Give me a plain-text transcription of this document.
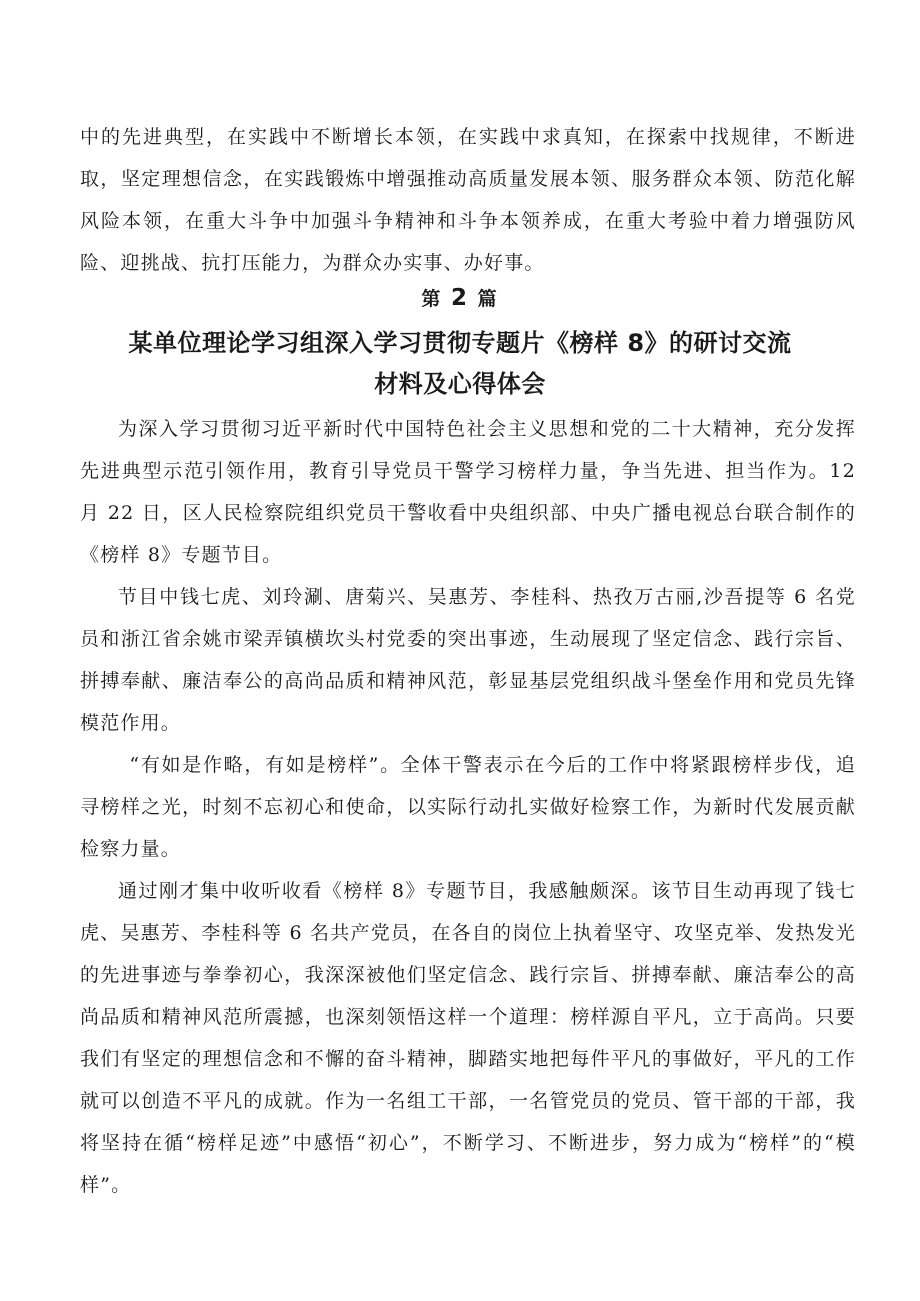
中的先进典型，在实践中不断增长本领，在实践中求真知，在探索中找规律，不断进取，坚定理想信念，在实践锻炼中增强推动高质量发展本领、服务群众本领、防范化解风险本领，在重大斗争中加强斗争精神和斗争本领养成，在重大考验中着力增强防风险、迎挑战、抗打压能力，为群众办实事、办好事。

第 2 篇
某单位理论学习组深入学习贯彻专题片《榜样 8》的研讨交流材料及心得体会

为深入学习贯彻习近平新时代中国特色社会主义思想和党的二十大精神，充分发挥先进典型示范引领作用，教育引导党员干警学习榜样力量，争当先进、担当作为。12 月 22 日，区人民检察院组织党员干警收看中央组织部、中央广播电视总台联合制作的《榜样 8》专题节目。

节目中钱七虎、刘玲涮、唐菊兴、吴惠芳、李桂科、热孜万古丽,沙吾提等 6 名党员和浙江省余姚市梁弄镇横坎头村党委的突出事迹，生动展现了坚定信念、践行宗旨、拼搏奉献、廉洁奉公的高尚品质和精神风范，彰显基层党组织战斗堡垒作用和党员先锋模范作用。

“有如是作略，有如是榜样”。全体干警表示在今后的工作中将紧跟榜样步伐，追寻榜样之光，时刻不忘初心和使命，以实际行动扎实做好检察工作，为新时代发展贡献检察力量。

通过刚才集中收听收看《榜样 8》专题节目，我感触颇深。该节目生动再现了钱七虎、吴惠芳、李桂科等 6 名共产党员，在各自的岗位上执着坚守、攻坚克举、发热发光的先进事迹与拳拳初心，我深深被他们坚定信念、践行宗旨、拼搏奉献、廉洁奉公的高尚品质和精神风范所震撼，也深刻领悟这样一个道理：榜样源自平凡，立于高尚。只要我们有坚定的理想信念和不懈的奋斗精神，脚踏实地把每件平凡的事做好，平凡的工作就可以创造不平凡的成就。作为一名组工干部，一名管党员的党员、管干部的干部，我将坚持在循“榜样足迹”中感悟“初心”，不断学习、不断进步，努力成为“榜样”的“模样”。
